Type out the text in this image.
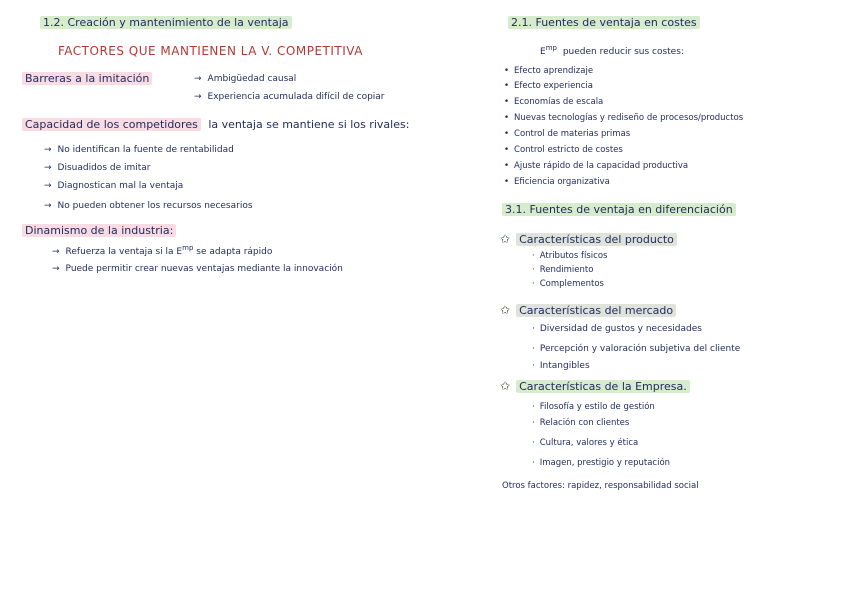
1.2. Creación y mantenimiento de la ventaja
FACTORES QUE MANTIENEN LA V. COMPETITIVA
Barreras a la imitación	→ Ambigüedad causal
→ Experiencia acumulada difícil de copiar
Capacidad de los competidores la ventaja se mantiene si los rivales:
→ No identifican la fuente de rentabilidad
→ Disuadidos de imitar
→ Diagnostican mal la ventaja
→ No pueden obtener los recursos necesarios
Dinamismo de la industria:
→ Refuerza la ventaja si la $E^{mp}$ se adapta rápido
→ Puede permitir crear nuevas ventajas mediante la innovación
2.1. Fuentes de ventaja en costes
$E^{mp}$ pueden reducir sus costes:
• Efecto aprendizaje
• Efecto experiencia
• Economías de escala
• Nuevas tecnologías y rediseño de procesos/productos
• Control de materias primas
• Control estricto de costes
• Ajuste rápido de la capacidad productiva
• Eficiencia organizativa
3.1. Fuentes de ventaja en diferenciación
✩ Características del producto
· Atributos físicos
· Rendimiento
· Complementos
✩ Características del mercado
· Diversidad de gustos y necesidades
· Percepción y valoración subjetiva del cliente
· Intangibles
✩ Características de la Empresa.
· Filosofía y estilo de gestión
· Relación con clientes
· Cultura, valores y ética
· Imagen, prestigio y reputación
Otros factores: rapidez, responsabilidad social
